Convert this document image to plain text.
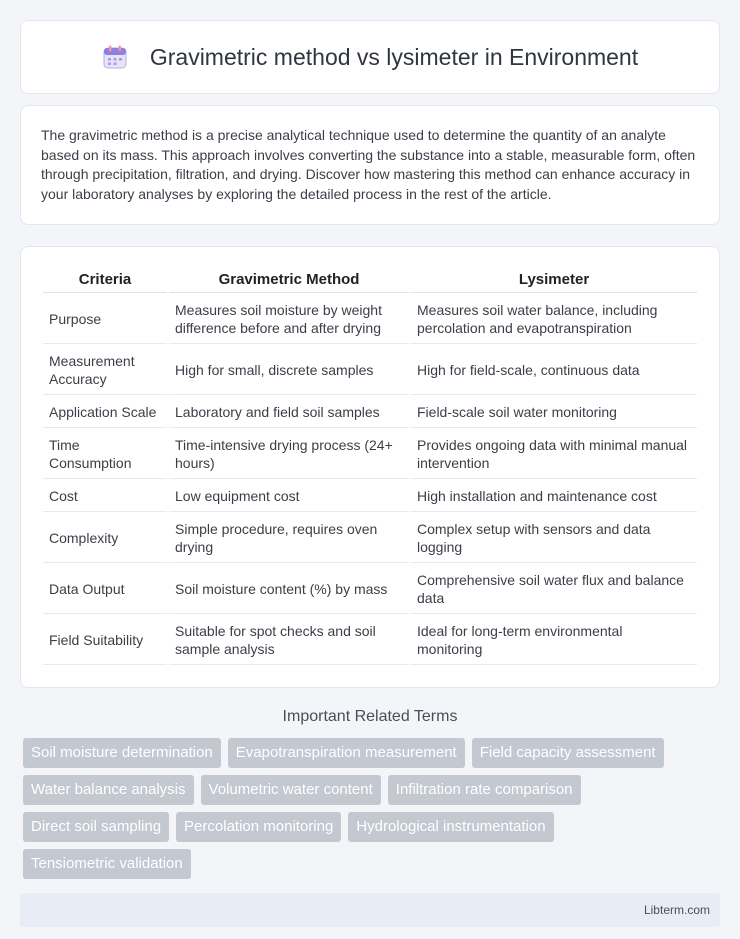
Gravimetric method vs lysimeter in Environment

The gravimetric method is a precise analytical technique used to determine the quantity of an analyte based on its mass. This approach involves converting the substance into a stable, measurable form, often through precipitation, filtration, and drying. Discover how mastering this method can enhance accuracy in your laboratory analyses by exploring the detailed process in the rest of the article.

Criteria	Gravimetric Method	Lysimeter
Purpose	Measures soil moisture by weight difference before and after drying	Measures soil water balance, including percolation and evapotranspiration
Measurement Accuracy	High for small, discrete samples	High for field-scale, continuous data
Application Scale	Laboratory and field soil samples	Field-scale soil water monitoring
Time Consumption	Time-intensive drying process (24+ hours)	Provides ongoing data with minimal manual intervention
Cost	Low equipment cost	High installation and maintenance cost
Complexity	Simple procedure, requires oven drying	Complex setup with sensors and data logging
Data Output	Soil moisture content (%) by mass	Comprehensive soil water flux and balance data
Field Suitability	Suitable for spot checks and soil sample analysis	Ideal for long-term environmental monitoring
Important Related Terms
Soil moisture determination	Evapotranspiration measurement	Field capacity assessment
Water balance analysis	Volumetric water content	Infiltration rate comparison
Direct soil sampling	Percolation monitoring	Hydrological instrumentation
Tensiometric validation
Libterm.com
